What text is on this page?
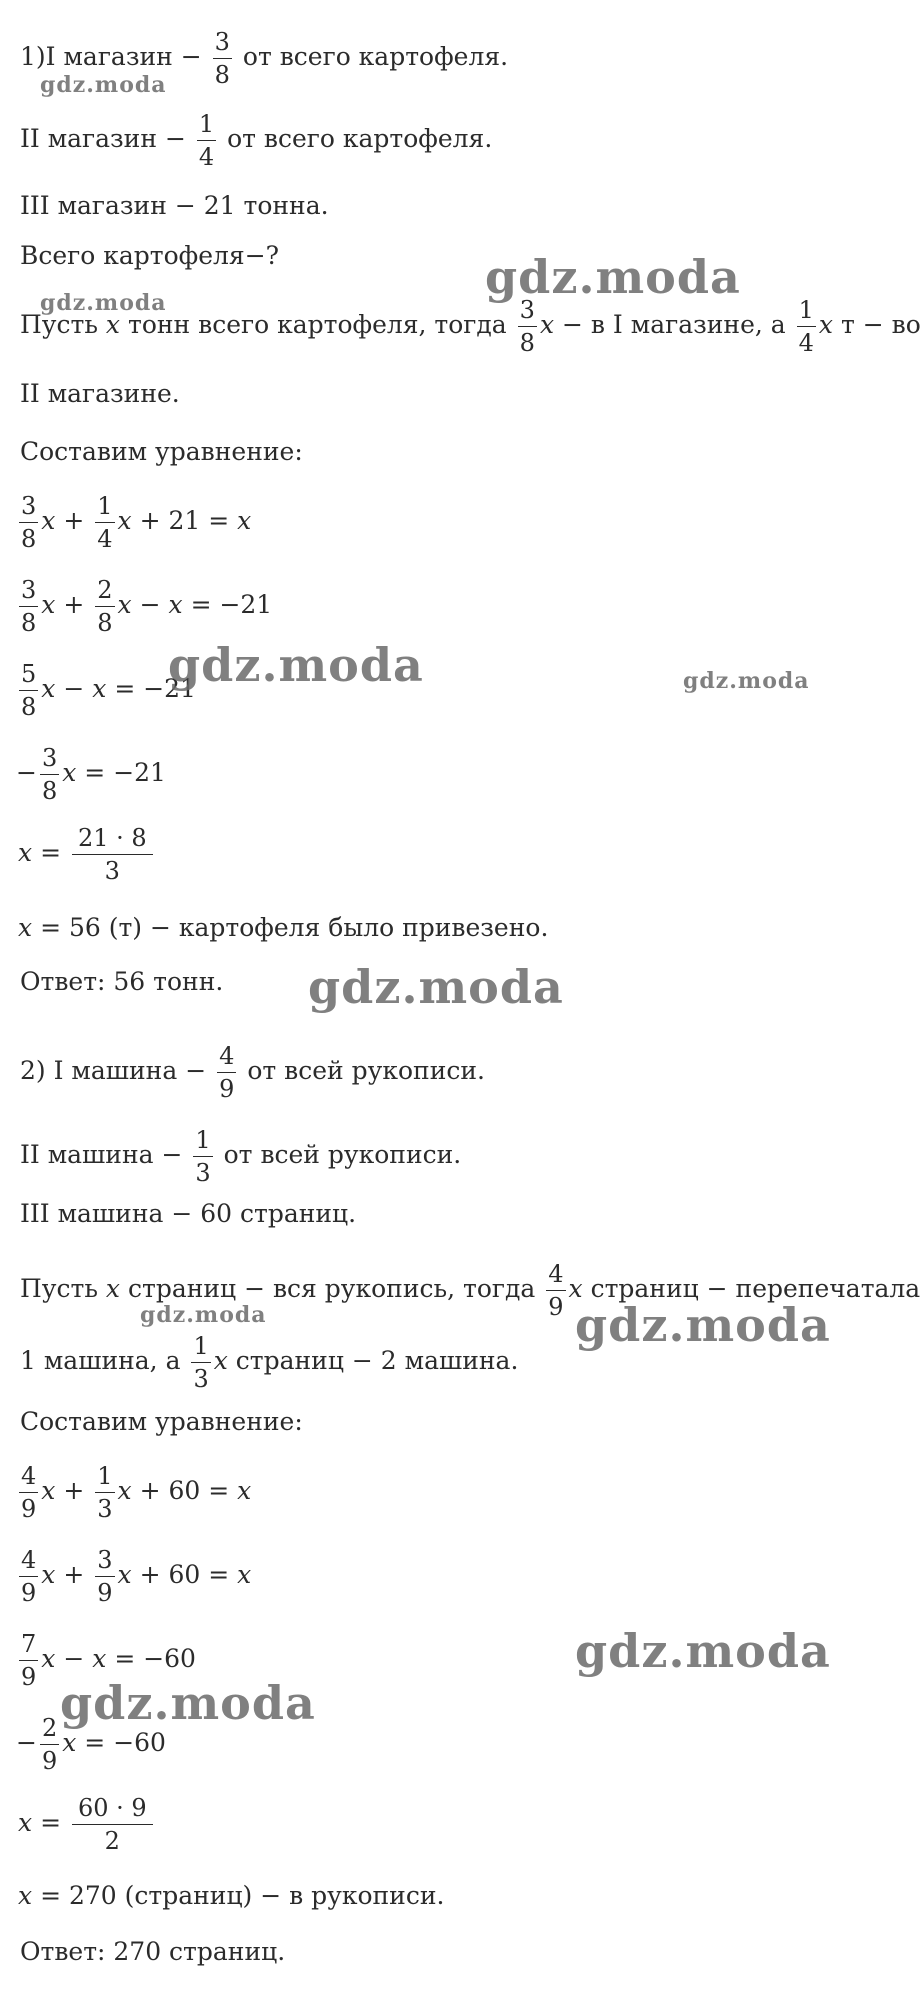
1)I магазин − $\frac{3}{8}$ от всего картофеля.
II магазин − $\frac{1}{4}$ от всего картофеля.
III магазин − 21 тонна.
Всего картофеля−?
Пусть x тонн всего картофеля, тогда $\frac{3}{8}$ x − в I магазине, а $\frac{1}{4}$ x т − во
II магазине.
Составим уравнение:
$\frac{3}{8}$ $x + \frac{1}{4}$ x + 21 = x
$\frac{3}{8}$ $x + \frac{2}{8}$ x − x = −21
$\frac{5}{8}$ x − x = −21
− $\frac{3}{8}$ x = −21
$x = \frac{21 \cdot 8}{3}$
x = 56 (т) − картофеля было привезено.
Ответ: 56 тонн.
2) I машина − $\frac{4}{9}$ от всей рукописи.
II машина − $\frac{1}{3}$ от всей рукописи.
III машина − 60 страниц.
Пусть x страниц − вся рукопись, тогда $\frac{4}{9}$ x страниц − перепечатала
1 машина, а $\frac{1}{3}$ x страниц − 2 машина.
Составим уравнение:
$\frac{4}{9}$ $x + \frac{1}{3}$ x + 60 = x
$\frac{4}{9}$ $x + \frac{3}{9}$ x + 60 = x
$\frac{7}{9}$ x − x = −60
− $\frac{2}{9}$ x = −60
$x = \frac{60 \cdot 9}{2}$
x = 270 (страниц) − в рукописи.
Ответ: 270 страниц.
gdz.moda
gdz.moda	gdz.moda
gdz.moda	gdz.moda
gdz.moda
gdz.moda	gdz.moda
gdz.moda
gdz.moda
